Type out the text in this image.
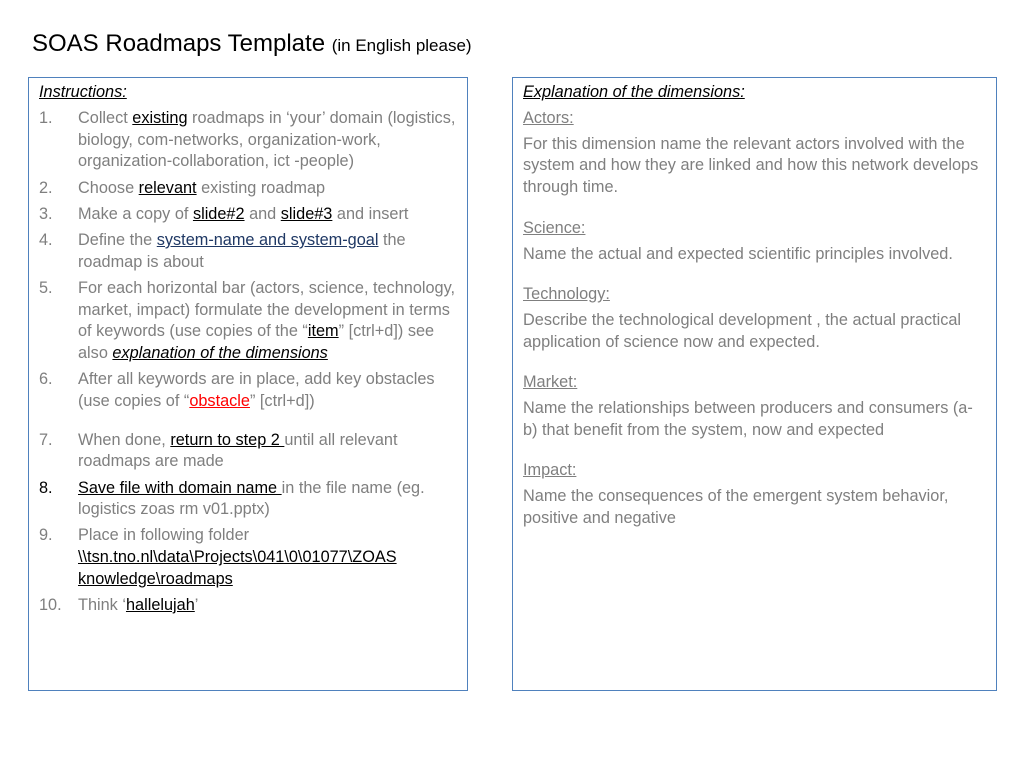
SOAS Roadmaps Template (in English please)
Instructions:
1. Collect existing roadmaps in ‘your’ domain (logistics, biology, com-networks, organization-work, organization-collaboration, ict -people)
2. Choose relevant existing roadmap
3. Make a copy of slide#2 and slide#3 and insert
4. Define the system-name and system-goal the roadmap is about
5. For each horizontal bar (actors, science, technology, market, impact) formulate the development in terms of keywords (use copies of the “item” [ctrl+d]) see also explanation of the dimensions
6. After all keywords are in place, add key obstacles (use copies of “obstacle” [ctrl+d])
7. When done, return to step 2 until all relevant roadmaps are made
8. Save file with domain name in the file name (eg. logistics zoas rm v01.pptx)
9. Place in following folder \\tsn.tno.nl\data\Projects\041\0\01077\ZOAS knowledge\roadmaps
10. Think ‘hallelujah’
Explanation of the dimensions:
Actors:
For this dimension name the relevant actors involved with the system and how they are linked and how this network develops through time.
Science:
Name the actual and expected scientific principles involved.
Technology:
Describe the technological development , the actual practical application of science now and expected.
Market:
Name the relationships between producers and consumers (a-b) that benefit from the system, now and expected
Impact:
Name the consequences of the emergent system behavior, positive and negative
